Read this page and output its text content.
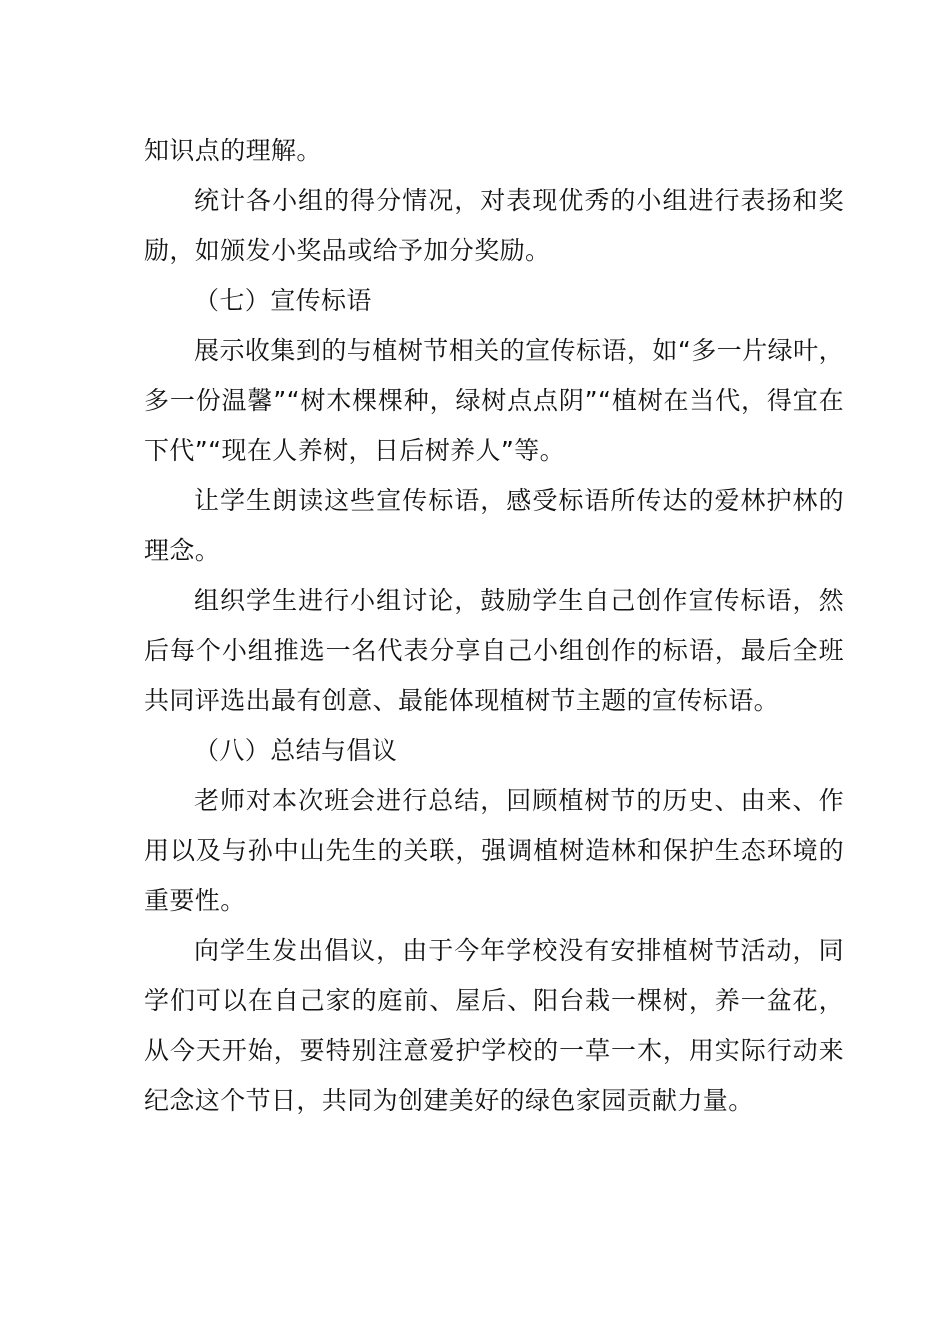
知识点的理解。

统计各小组的得分情况，对表现优秀的小组进行表扬和奖励，如颁发小奖品或给予加分奖励。

（七）宣传标语

展示收集到的与植树节相关的宣传标语，如“多一片绿叶，多一份温馨”“树木棵棵种，绿树点点阴”“植树在当代，得宜在下代”“现在人养树，日后树养人”等。

让学生朗读这些宣传标语，感受标语所传达的爱林护林的理念。

组织学生进行小组讨论，鼓励学生自己创作宣传标语，然后每个小组推选一名代表分享自己小组创作的标语，最后全班共同评选出最有创意、最能体现植树节主题的宣传标语。

（八）总结与倡议

老师对本次班会进行总结，回顾植树节的历史、由来、作用以及与孙中山先生的关联，强调植树造林和保护生态环境的重要性。

向学生发出倡议，由于今年学校没有安排植树节活动，同学们可以在自己家的庭前、屋后、阳台栽一棵树，养一盆花，从今天开始，要特别注意爱护学校的一草一木，用实际行动来纪念这个节日，共同为创建美好的绿色家园贡献力量。
